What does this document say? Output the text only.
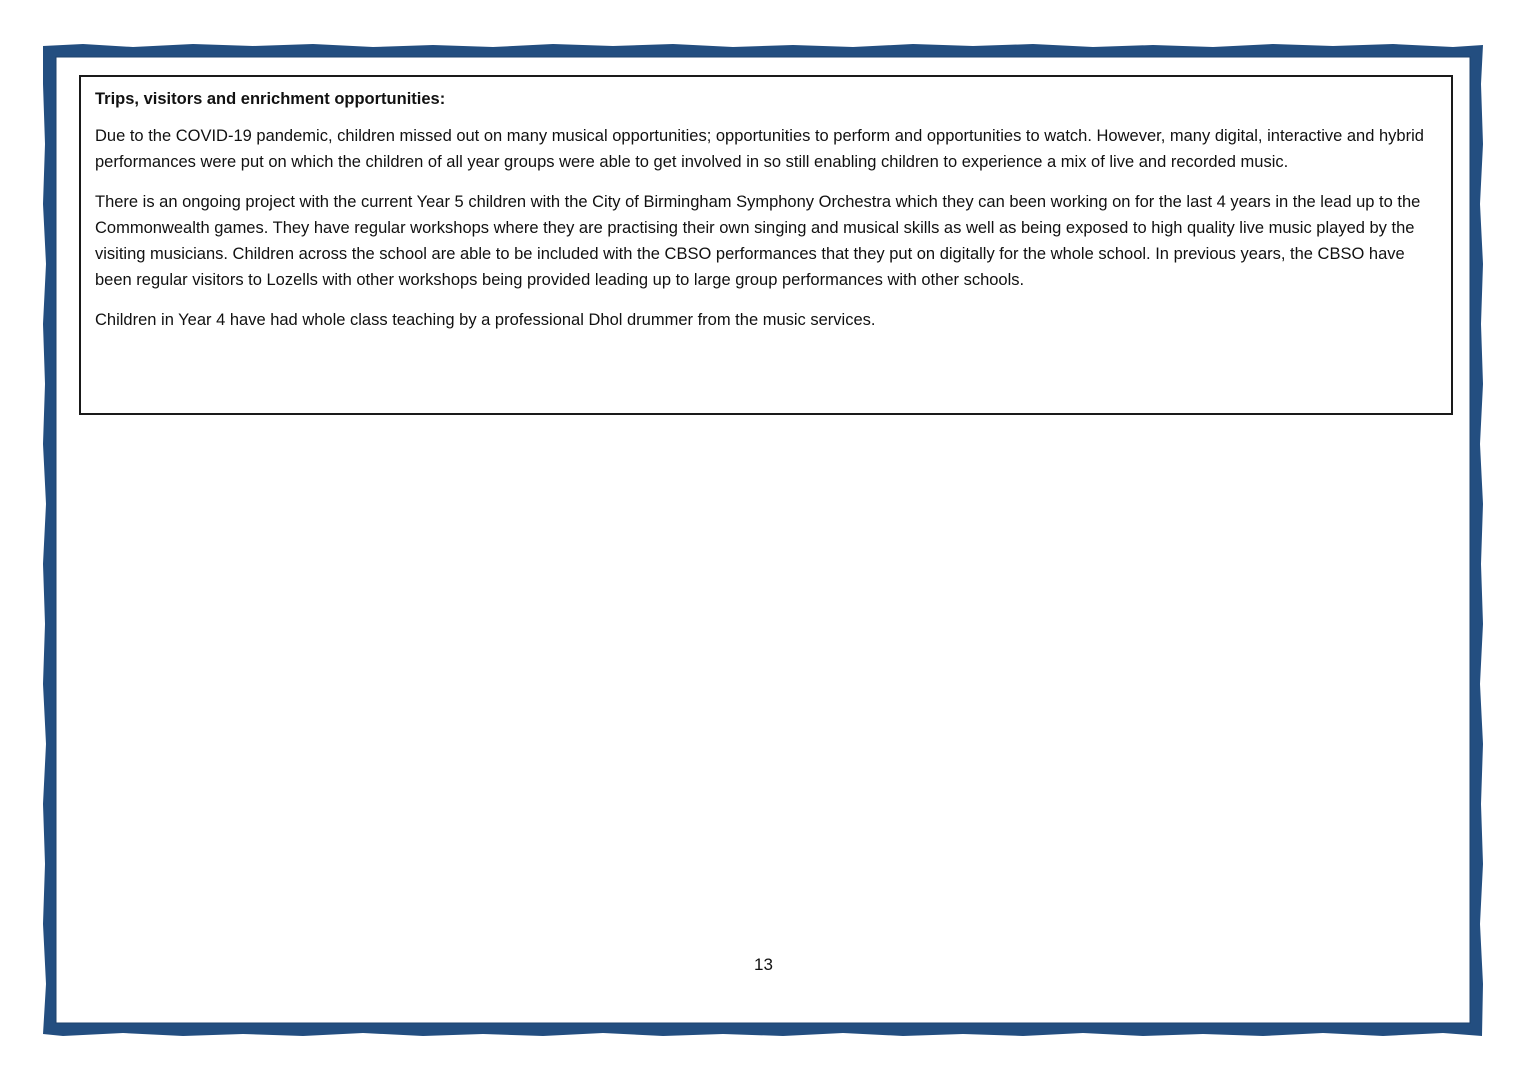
Trips, visitors and enrichment opportunities:

Due to the COVID-19 pandemic, children missed out on many musical opportunities; opportunities to perform and opportunities to watch. However, many digital, interactive and hybrid performances were put on which the children of all year groups were able to get involved in so still enabling children to experience a mix of live and recorded music.

There is an ongoing project with the current Year 5 children with the City of Birmingham Symphony Orchestra which they can been working on for the last 4 years in the lead up to the Commonwealth games. They have regular workshops where they are practising their own singing and musical skills as well as being exposed to high quality live music played by the visiting musicians. Children across the school are able to be included with the CBSO performances that they put on digitally for the whole school. In previous years, the CBSO have been regular visitors to Lozells with other workshops being provided leading up to large group performances with other schools.

Children in Year 4 have had whole class teaching by a professional Dhol drummer from the music services.

13
